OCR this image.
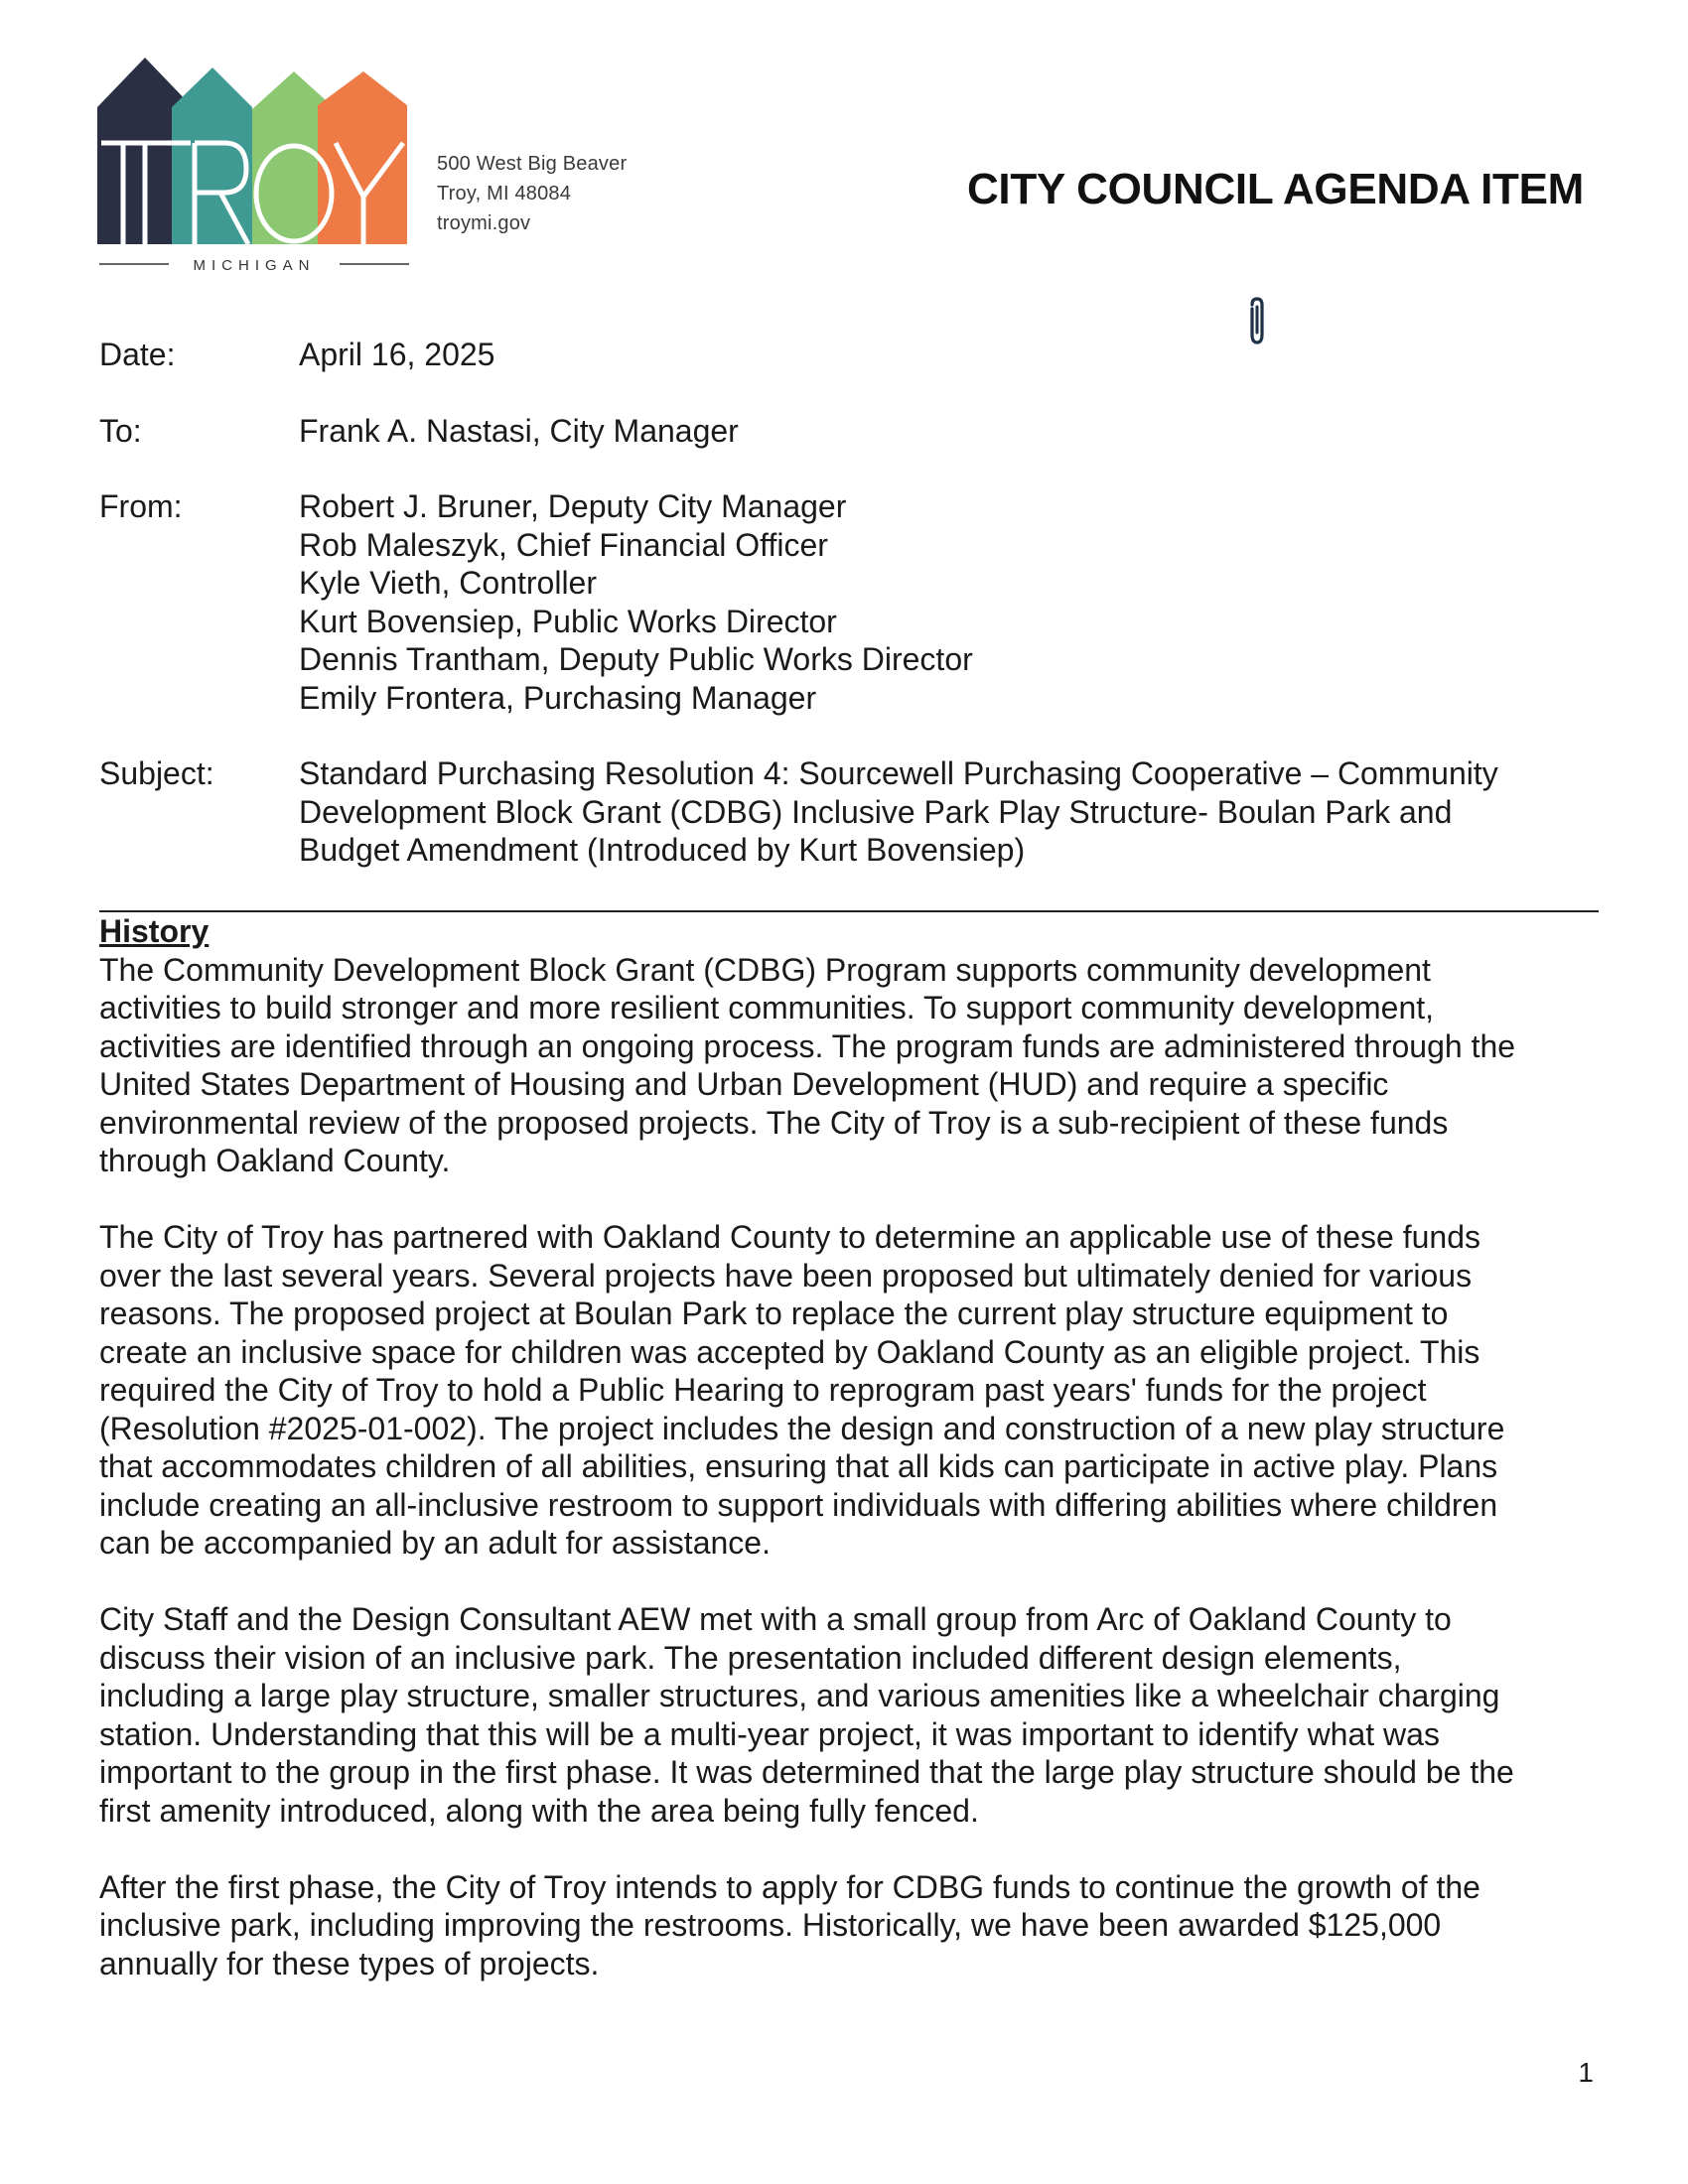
MICHIGAN
500 West Big Beaver
Troy, MI 48084
troymi.gov
CITY COUNCIL AGENDA ITEM
Date:	April 16, 2025
To:	Frank A. Nastasi, City Manager
From:	Robert J. Bruner, Deputy City Manager
Rob Maleszyk, Chief Financial Officer
Kyle Vieth, Controller
Kurt Bovensiep, Public Works Director
Dennis Trantham, Deputy Public Works Director
Emily Frontera, Purchasing Manager
Subject:	Standard Purchasing Resolution 4: Sourcewell Purchasing Cooperative – Community
Development Block Grant (CDBG) Inclusive Park Play Structure- Boulan Park and
Budget Amendment (Introduced by Kurt Bovensiep)
History
The Community Development Block Grant (CDBG) Program supports community development
activities to build stronger and more resilient communities. To support community development,
activities are identified through an ongoing process. The program funds are administered through the
United States Department of Housing and Urban Development (HUD) and require a specific
environmental review of the proposed projects. The City of Troy is a sub-recipient of these funds
through Oakland County.
The City of Troy has partnered with Oakland County to determine an applicable use of these funds
over the last several years. Several projects have been proposed but ultimately denied for various
reasons. The proposed project at Boulan Park to replace the current play structure equipment to
create an inclusive space for children was accepted by Oakland County as an eligible project. This
required the City of Troy to hold a Public Hearing to reprogram past years' funds for the project
(Resolution #2025-01-002). The project includes the design and construction of a new play structure
that accommodates children of all abilities, ensuring that all kids can participate in active play. Plans
include creating an all-inclusive restroom to support individuals with differing abilities where children
can be accompanied by an adult for assistance.
City Staff and the Design Consultant AEW met with a small group from Arc of Oakland County to
discuss their vision of an inclusive park. The presentation included different design elements,
including a large play structure, smaller structures, and various amenities like a wheelchair charging
station. Understanding that this will be a multi-year project, it was important to identify what was
important to the group in the first phase. It was determined that the large play structure should be the
first amenity introduced, along with the area being fully fenced.
After the first phase, the City of Troy intends to apply for CDBG funds to continue the growth of the
inclusive park, including improving the restrooms. Historically, we have been awarded $125,000
annually for these types of projects.
1
